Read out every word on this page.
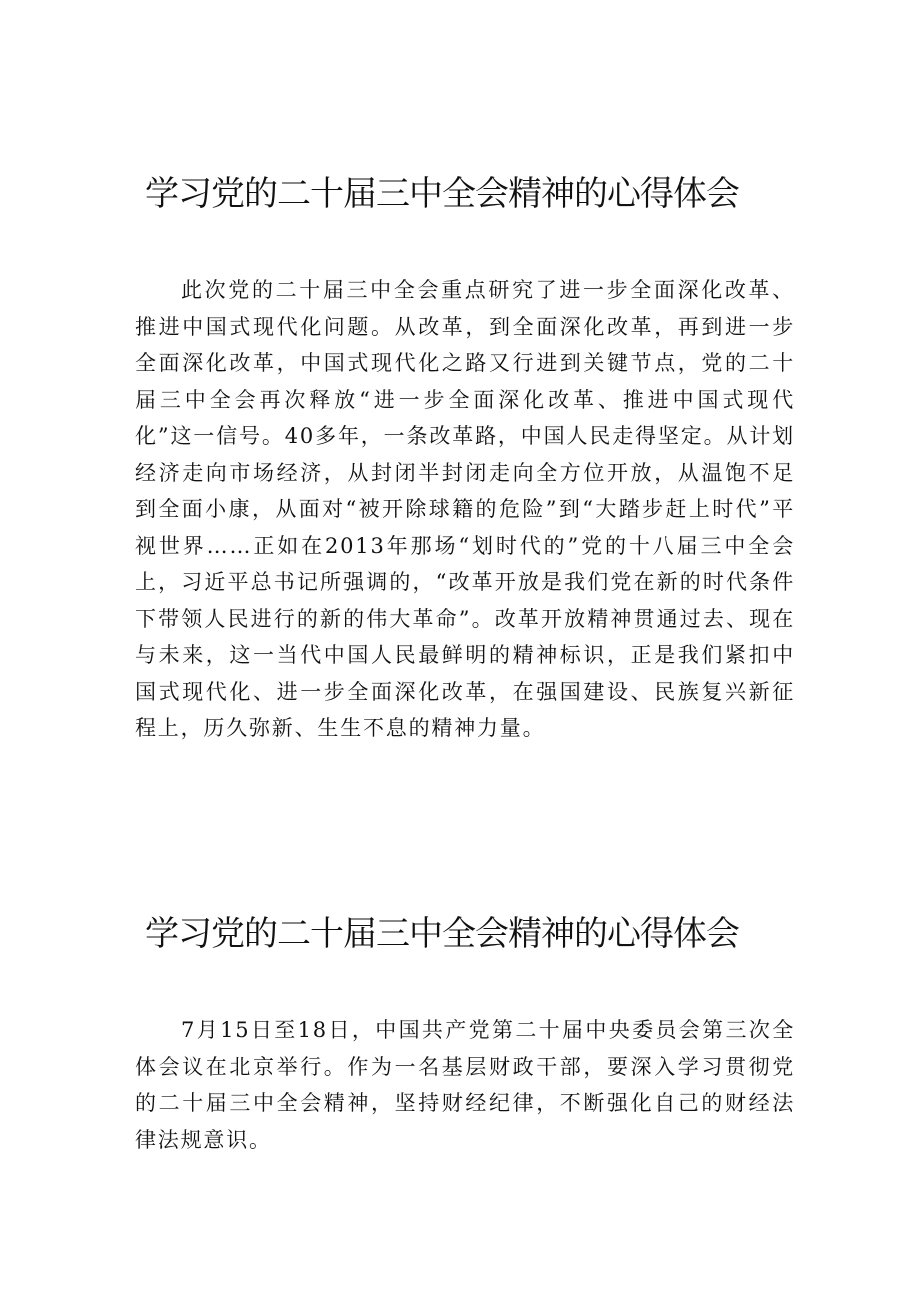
学习党的二十届三中全会精神的心得体会

此次党的二十届三中全会重点研究了进一步全面深化改革、推进中国式现代化问题。从改革，到全面深化改革，再到进一步全面深化改革，中国式现代化之路又行进到关键节点，党的二十届三中全会再次释放“进一步全面深化改革、推进中国式现代化”这一信号。40多年，一条改革路，中国人民走得坚定。从计划经济走向市场经济，从封闭半封闭走向全方位开放，从温饱不足到全面小康，从面对“被开除球籍的危险”到“大踏步赶上时代”平视世界……正如在2013年那场“划时代的”党的十八届三中全会上，习近平总书记所强调的，“改革开放是我们党在新的时代条件下带领人民进行的新的伟大革命”。改革开放精神贯通过去、现在与未来，这一当代中国人民最鲜明的精神标识，正是我们紧扣中国式现代化、进一步全面深化改革，在强国建设、民族复兴新征程上，历久弥新、生生不息的精神力量。

学习党的二十届三中全会精神的心得体会

7月15日至18日，中国共产党第二十届中央委员会第三次全体会议在北京举行。作为一名基层财政干部，要深入学习贯彻党的二十届三中全会精神，坚持财经纪律，不断强化自己的财经法律法规意识。
